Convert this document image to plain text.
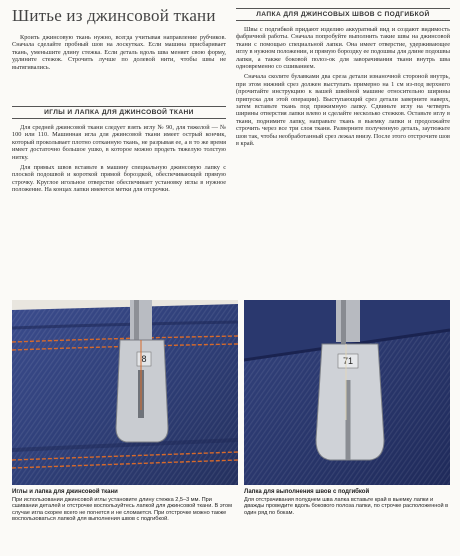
Шитье из джинсовой ткани

Кроить джинсовую ткань нужно, всегда учитывая направление рубчиков. Сначала сделайте пробный шов на лоскутках. Если машина присбаривает ткань, уменьшите длину стежка. Если деталь вдоль шва меняет свою форму, удлините стежок. Строчить лучше по долевой нити, чтобы швы не вытягивались.

ИГЛЫ И ЛАПКА ДЛЯ ДЖИНСОВОЙ ТКАНИ

Для средней джинсовой ткани следует взять иглу № 90, для тяжелой — № 100 или 110. Машинная игла для джинсовой ткани имеет острый кончик, который проколывает плотно сотканную ткань, не разрывая ее, а в то же время имеет достаточно большое ушко, в которое можно продеть тяжелую толстую нитку.

Для прямых швов вставьте в машину специальную джинсовую лапку с плоской подошвой и короткой прямой бороздкой, обеспечивающей прямую строчку. Круглое игольное отверстие обеспечивает установку иглы в нужное положение. На концах лапки имеются метки для отсрочки.

ЛАПКА ДЛЯ ДЖИНСОВЫХ ШВОВ С ПОДГИБКОЙ

Швы с подгибкой придают изделию аккуратный вид и создают видимость фабричной работы. Сначала попробуйте выполнить такие швы на джинсовой ткани с помощью специальной лапки. Она имеет отверстие, удерживающее иглу в нужном положении, и прямую бороздку ее подошвы для длине подошвы лапки, а также боковой полоз-ок для заворачивания ткани внутрь шва одновременно со сшиванием.

Сначала сколите булавками два среза детали изнаночной стороной внутрь, при этом нижний срез должен выступать примерно на 1 см из-под верхнего (прочитайте инструкцию к вашей швейной машине относительно ширины припуска для этой операции). Выступающий срез детали заверните наверх, затем вставьте ткань под прижимную лапку. Сдвиньте иглу на четверть ширины отверстия лапки влево и сделайте несколько стежков. Оставьте иглу в ткани, поднимите лапку, направьте ткань в выемку лапки и продолжайте строчить через все три слоя ткани. Разверните полученную деталь, заутюжьте шов так, чтобы необработанный срез лежал внизу. После этого отстрочите шов в край.

8	71
Иглы и лапка для джинсовой ткани
При использовании джинсовой иглы установите длину стежка 2,5–3 мм. При сшивании деталей и отстрочке воспользуйтесь лапкой для джинсовой ткани. В этом случае игла скорее всего не погнется и не сломается. При отстрочке можно также воспользоваться лапкой для выполнения швов с подгибкой.
Лапка для выполнения швов с подгибкой
Для отстрачивания полуднем шва лапка вставьте край в выемку лапки и дважды проведите вдоль бокового полоза лапки, по строчке расположенной в один ряд по бокам.
